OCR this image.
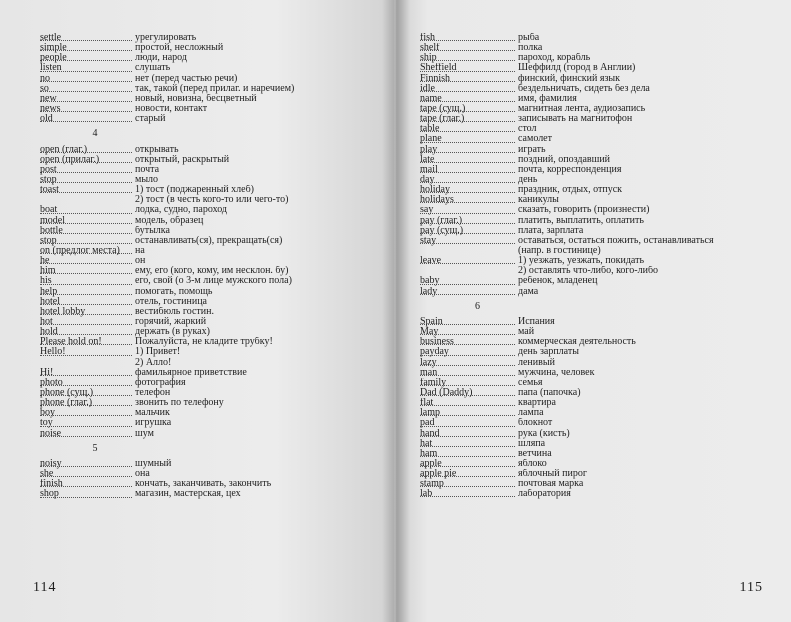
settle	урегулировать
simple	простой, несложный
people	люди, народ
listen	слушать
no	нет (перед частью речи)
so	так, такой (перед прилаг. и наречием)
new	новый, новизна, бесцветный
news	новости, контакт
old	старый
4
open (глаг.)	открывать
open (прилаг.)	открытый, раскрытый
post	почта
stop	мыло
toast	1) тост (поджаренный хлеб)
2) тост (в честь кого-то или чего-то)
boat	лодка, судно, пароход
model	модель, образец
bottle	бутылка
stop	останавливать(ся), прекращать(ся)
on (предлог места)	на
he	он
him	ему, его (кого, кому, им несклон. бу)
his	его, свой (о 3-м лице мужского пола)
help	помогать, помощь
hotel	отель, гостиница
hotel lobby	вестибюль гостин.
hot	горячий, жаркий
hold	держать (в руках)
Please hold on!	Пожалуйста, не кладите трубку!
Hello!	1) Привет!
2) Алло!
Hi!	фамильярное приветствие
photo	фотография
phone (сущ.)	телефон
phone (глаг.)	звонить по телефону
boy	мальчик
toy	игрушка
noise	шум
5
noisy	шумный
she	она
finish	кончать, заканчивать, закончить
shop	магазин, мастерская, цех
114
fish	рыба
shelf	полка
ship	пароход, корабль
Sheffield	Шеффилд (город в Англии)
Finnish	финский, финский язык
idle	бездельничать, сидеть без дела
name	имя, фамилия
tape (сущ.)	магнитная лента, аудиозапись
tape (глаг.)	записывать на магнитофон
table	стол
plane	самолет
play	играть
late	поздний, опоздавший
mail	почта, корреспонденция
day	день
holiday	праздник, отдых, отпуск
holidays	каникулы
say	сказать, говорить (произнести)
pay (глаг.)	платить, выплатить, оплатить
pay (сущ.)	плата, зарплата
stay	оставаться, остаться пожить, останавливаться
(напр. в гостинице)
leave	1) уезжать, уезжать, покидать
2) оставлять что-либо, кого-либо
baby	ребенок, младенец
lady	дама
6
Spain	Испания
May	май
business	коммерческая деятельность
payday	день зарплаты
lazy	ленивый
man	мужчина, человек
family	семья
Dad (Daddy)	папа (папочка)
flat	квартира
lamp	лампа
pad	блокнот
hand	рука (кисть)
hat	шляпа
ham	ветчина
apple	яблоко
apple pie	яблочный пирог
stamp	почтовая марка
lab	лаборатория
115
